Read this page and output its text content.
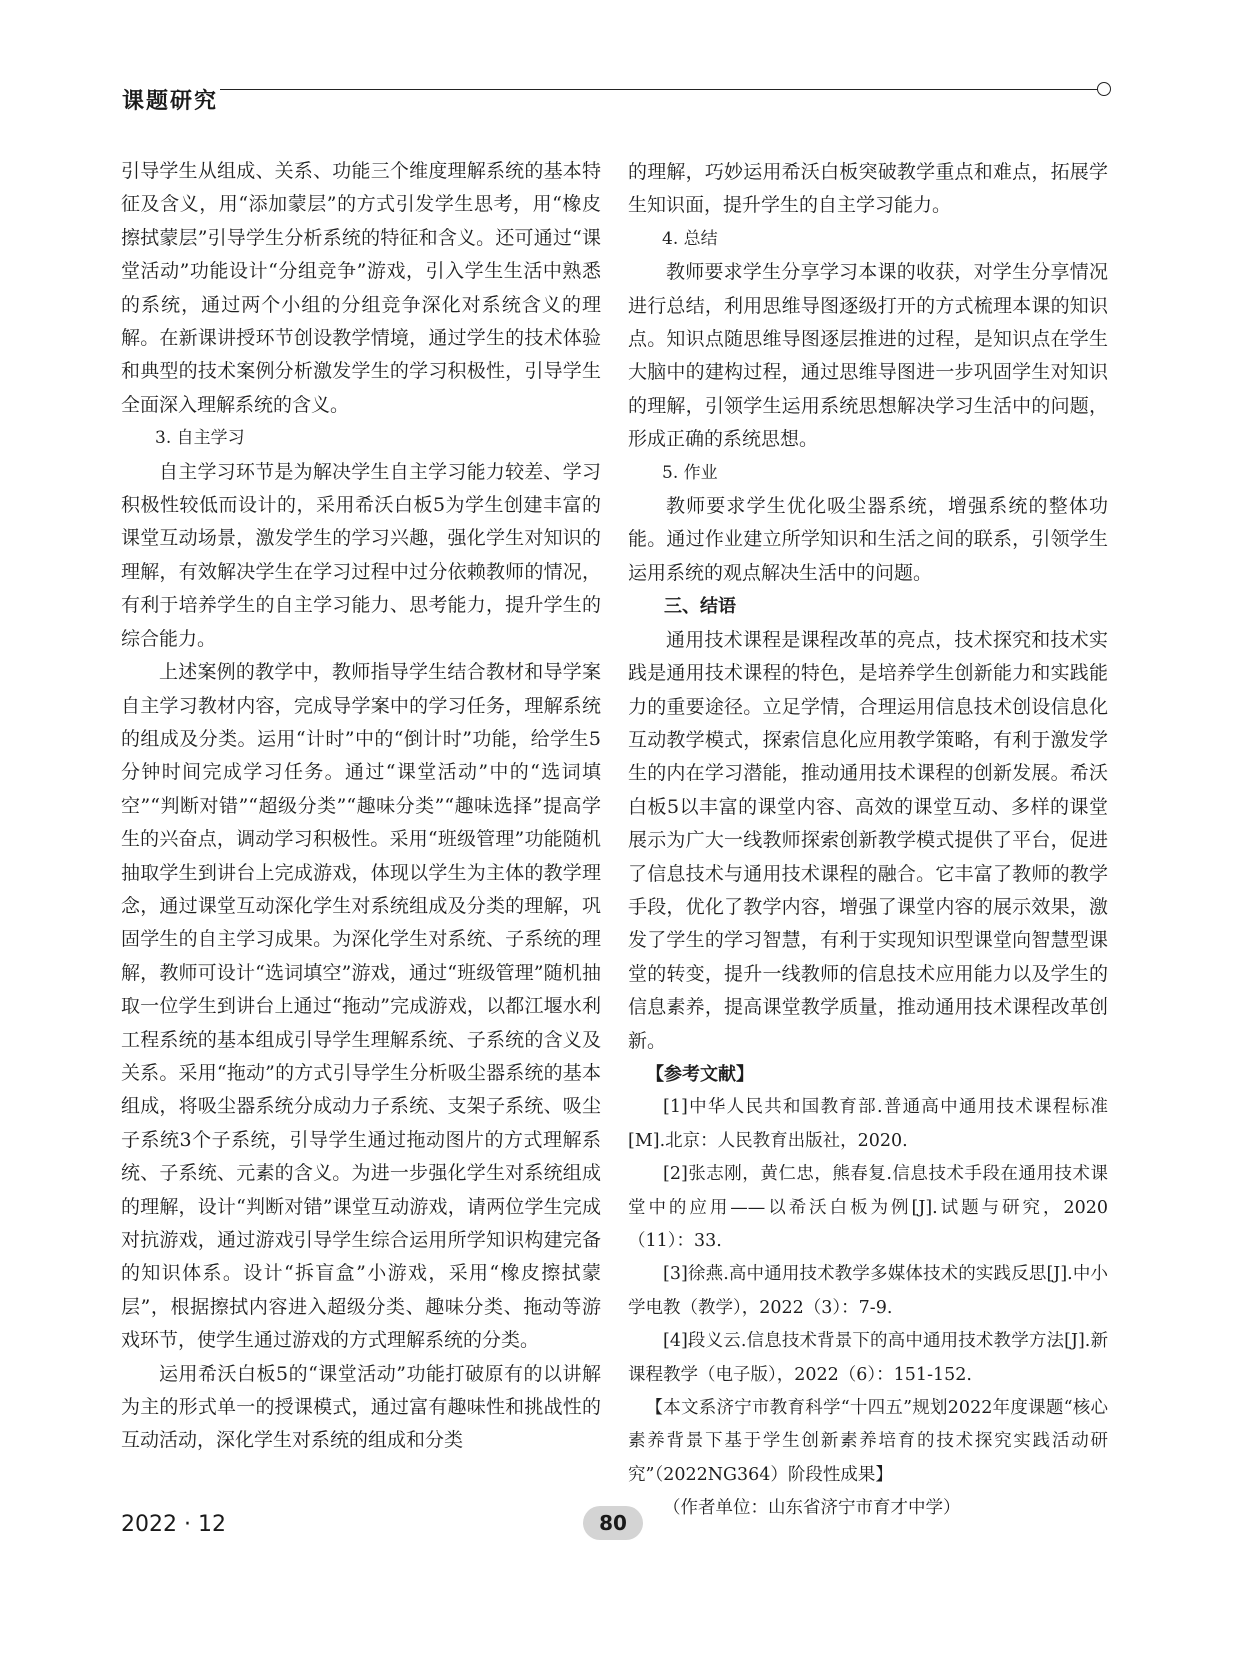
课题研究

引导学生从组成、关系、功能三个维度理解系统的基本特征及含义，用“添加蒙层”的方式引发学生思考，用“橡皮擦拭蒙层”引导学生分析系统的特征和含义。还可通过“课堂活动”功能设计“分组竞争”游戏，引入学生生活中熟悉的系统，通过两个小组的分组竞争深化对系统含义的理解。在新课讲授环节创设教学情境，通过学生的技术体验和典型的技术案例分析激发学生的学习积极性，引导学生全面深入理解系统的含义。

3. 自主学习

自主学习环节是为解决学生自主学习能力较差、学习积极性较低而设计的，采用希沃白板5为学生创建丰富的课堂互动场景，激发学生的学习兴趣，强化学生对知识的理解，有效解决学生在学习过程中过分依赖教师的情况，有利于培养学生的自主学习能力、思考能力，提升学生的综合能力。

上述案例的教学中，教师指导学生结合教材和导学案自主学习教材内容，完成导学案中的学习任务，理解系统的组成及分类。运用“计时”中的“倒计时”功能，给学生5分钟时间完成学习任务。通过“课堂活动”中的“选词填空”“判断对错”“超级分类”“趣味分类”“趣味选择”提高学生的兴奋点，调动学习积极性。采用“班级管理”功能随机抽取学生到讲台上完成游戏，体现以学生为主体的教学理念，通过课堂互动深化学生对系统组成及分类的理解，巩固学生的自主学习成果。为深化学生对系统、子系统的理解，教师可设计“选词填空”游戏，通过“班级管理”随机抽取一位学生到讲台上通过“拖动”完成游戏，以都江堰水利工程系统的基本组成引导学生理解系统、子系统的含义及关系。采用“拖动”的方式引导学生分析吸尘器系统的基本组成，将吸尘器系统分成动力子系统、支架子系统、吸尘子系统3个子系统，引导学生通过拖动图片的方式理解系统、子系统、元素的含义。为进一步强化学生对系统组成的理解，设计“判断对错”课堂互动游戏，请两位学生完成对抗游戏，通过游戏引导学生综合运用所学知识构建完备的知识体系。设计“拆盲盒”小游戏，采用“橡皮擦拭蒙层”，根据擦拭内容进入超级分类、趣味分类、拖动等游戏环节，使学生通过游戏的方式理解系统的分类。

运用希沃白板5的“课堂活动”功能打破原有的以讲解为主的形式单一的授课模式，通过富有趣味性和挑战性的互动活动，深化学生对系统的组成和分类

的理解，巧妙运用希沃白板突破教学重点和难点，拓展学生知识面，提升学生的自主学习能力。

4. 总结

教师要求学生分享学习本课的收获，对学生分享情况进行总结，利用思维导图逐级打开的方式梳理本课的知识点。知识点随思维导图逐层推进的过程，是知识点在学生大脑中的建构过程，通过思维导图进一步巩固学生对知识的理解，引领学生运用系统思想解决学习生活中的问题，形成正确的系统思想。

5. 作业

教师要求学生优化吸尘器系统，增强系统的整体功能。通过作业建立所学知识和生活之间的联系，引领学生运用系统的观点解决生活中的问题。

三、结语

通用技术课程是课程改革的亮点，技术探究和技术实践是通用技术课程的特色，是培养学生创新能力和实践能力的重要途径。立足学情，合理运用信息技术创设信息化互动教学模式，探索信息化应用教学策略，有利于激发学生的内在学习潜能，推动通用技术课程的创新发展。希沃白板5以丰富的课堂内容、高效的课堂互动、多样的课堂展示为广大一线教师探索创新教学模式提供了平台，促进了信息技术与通用技术课程的融合。它丰富了教师的教学手段，优化了教学内容，增强了课堂内容的展示效果，激发了学生的学习智慧，有利于实现知识型课堂向智慧型课堂的转变，提升一线教师的信息技术应用能力以及学生的信息素养，提高课堂教学质量，推动通用技术课程改革创新。

【参考文献】

[1]中华人民共和国教育部.普通高中通用技术课程标准[M].北京：人民教育出版社，2020.

[2]张志刚，黄仁忠，熊春复.信息技术手段在通用技术课堂中的应用——以希沃白板为例[J].试题与研究，2020（11）：33.

[3]徐燕.高中通用技术教学多媒体技术的实践反思[J].中小学电教（教学），2022（3）：7-9.

[4]段义云.信息技术背景下的高中通用技术教学方法[J].新课程教学（电子版），2022（6）：151-152.

【本文系济宁市教育科学“十四五”规划2022年度课题“核心素养背景下基于学生创新素养培育的技术探究实践活动研究”（2022NG364）阶段性成果】

（作者单位：山东省济宁市育才中学）

2022 · 12	80
